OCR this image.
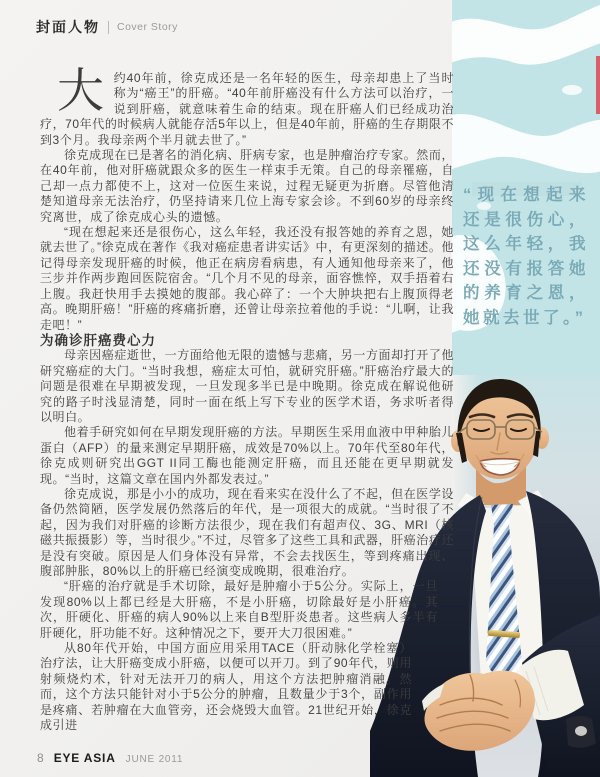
“现在想起来还是很伤心，这么年轻，我还没有报答她的养育之恩，她就去世了。”
封面人物 Cover Story

大约40年前，徐克成还是一名年轻的医生，母亲却患上了当时称为“癌王”的肝癌。“40年前肝癌没有什么方法可以治疗，一说到肝癌，就意味着生命的结束。现在肝癌人们已经成功治疗，70年代的时候病人就能存活5年以上，但是40年前，肝癌的生存期限不到3个月。我母亲两个半月就去世了。”

徐克成现在已是著名的消化病、肝病专家，也是肿瘤治疗专家。然而，在40年前，他对肝癌就跟众多的医生一样束手无策。自己的母亲罹癌，自己却一点力都使不上，这对一位医生来说，过程无疑更为折磨。尽管他清楚知道母亲无法治疗，仍坚持请来几位上海专家会诊。不到60岁的母亲终究离世，成了徐克成心头的遗憾。

“现在想起来还是很伤心，这么年轻，我还没有报答她的养育之恩，她就去世了。”徐克成在著作《我对癌症患者讲实话》中，有更深刻的描述。他记得母亲发现肝癌的时候，他正在病房看病患，有人通知他母亲来了，他三步并作两步跑回医院宿舍。“几个月不见的母亲，面容憔悴，双手捂着右上腹。我赶快用手去摸她的腹部。我心碎了：一个大肿块把右上腹顶得老高。晚期肝癌！”肝癌的疼痛折磨，还曾让母亲拉着他的手说：“儿啊，让我走吧！”

为确诊肝癌费心力

母亲因癌症逝世，一方面给他无限的遗憾与悲痛，另一方面却打开了他研究癌症的大门。“当时我想，癌症太可怕，就研究肝癌。”肝癌治疗最大的问题是很难在早期被发现，一旦发现多半已是中晚期。徐克成在解说他研究的路子时浅显清楚，同时一面在纸上写下专业的医学术语，务求听者得以明白。

他着手研究如何在早期发现肝癌的方法。早期医生采用血液中甲种胎儿蛋白（AFP）的量来测定早期肝癌，成效是70%以上。70年代至80年代，徐克成则研究出GGT II同工酶也能测定肝癌，而且还能在更早期就发现。“当时，这篇文章在国内外都发表过。”

徐克成说，那是小小的成功，现在看来实在没什么了不起，但在医学设备仍然简陋，医学发展仍然落后的年代，是一项很大的成就。“当时很了不起，因为我们对肝癌的诊断方法很少，现在我们有超声仪、3G、MRI（核磁共振摄影）等，当时很少。”不过，尽管多了这些工具和武器，肝癌治疗还是没有突破。原因是人们身体没有异常，不会去找医生，等到疼痛出现、腹部肿胀，80%以上的肝癌已经演变成晚期，很难治疗。

“肝癌的治疗就是手术切除，最好是肿瘤小于5公分。实际上，一旦发现80%以上都已经是大肝癌，不是小肝癌，切除最好是小肝癌。其次，肝硬化、肝癌的病人90%以上来自B型肝炎患者。这些病人多半有肝硬化，肝功能不好。这种情况之下，要开大刀很困难。”

从80年代开始，中国方面应用采用TACE（肝动脉化学栓塞）治疗法，让大肝癌变成小肝癌，以便可以开刀。到了90年代，则用射频烧灼术，针对无法开刀的病人，用这个方法把肿瘤消融。然而，这个方法只能针对小于5公分的肿瘤，且数量少于3个，副作用是疼痛、若肿瘤在大血管旁，还会烧毁大血管。21世纪开始，徐克成引进

8 EYE ASIA JUNE 2011
